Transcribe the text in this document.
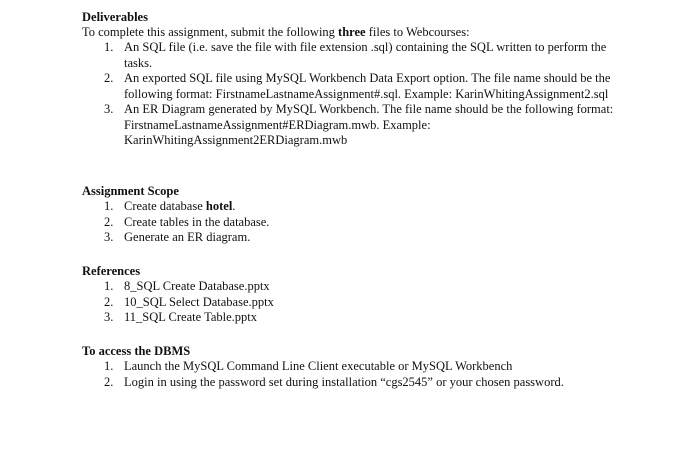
Deliverables
To complete this assignment, submit the following three files to Webcourses:
1. An SQL file (i.e. save the file with file extension .sql) containing the SQL written to perform the tasks.
2. An exported SQL file using MySQL Workbench Data Export option. The file name should be the following format: FirstnameLastnameAssignment#.sql. Example: KarinWhitingAssignment2.sql
3. An ER Diagram generated by MySQL Workbench. The file name should be the following format: FirstnameLastnameAssignment#ERDiagram.mwb. Example: KarinWhitingAssignment2ERDiagram.mwb
Assignment Scope
1. Create database hotel.
2. Create tables in the database.
3. Generate an ER diagram.
References
1. 8_SQL Create Database.pptx
2. 10_SQL Select Database.pptx
3. 11_SQL Create Table.pptx
To access the DBMS
1. Launch the MySQL Command Line Client executable or MySQL Workbench
2. Login in using the password set during installation “cgs2545” or your chosen password.
